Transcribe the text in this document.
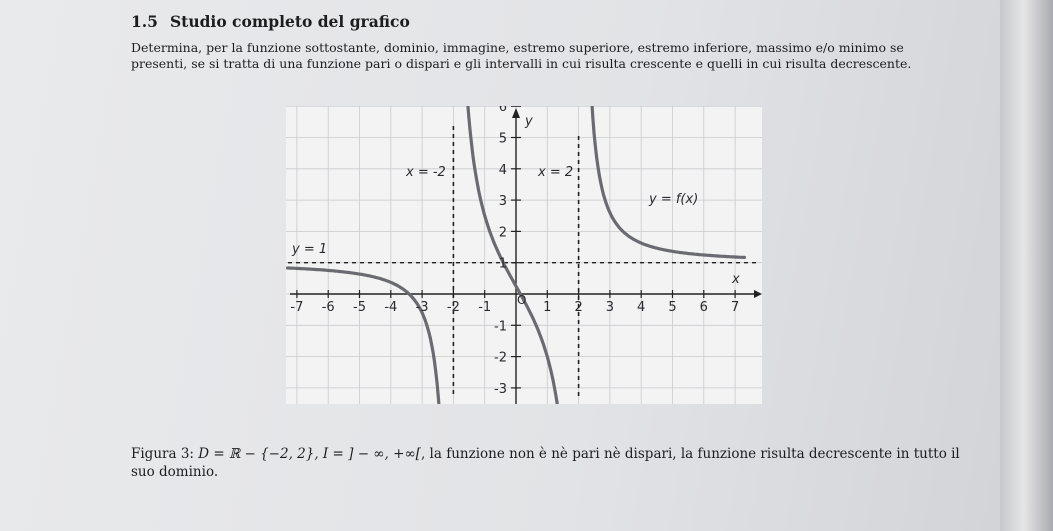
1.5 Studio completo del grafico
Determina, per la funzione sottostante, dominio, immagine, estremo superiore, estremo inferiore, massimo e/o minimo se presenti, se si tratta di una funzione pari o dispari e gli intervalli in cui risulta crescente e quelli in cui risulta decrescente.
x
y
O
x = -2	x = 2
y = 1
y = f(x)
-7 -6 -5 -4 -3 -2 -1	1 2 3 4 5 6 7
6
5
4
3
2
1
-1
-2
-3
Figura 3: D = ℝ − {−2, 2}, I = ] − ∞, +∞[, la funzione non è nè pari nè dispari, la funzione risulta decrescente in tutto il suo dominio.
